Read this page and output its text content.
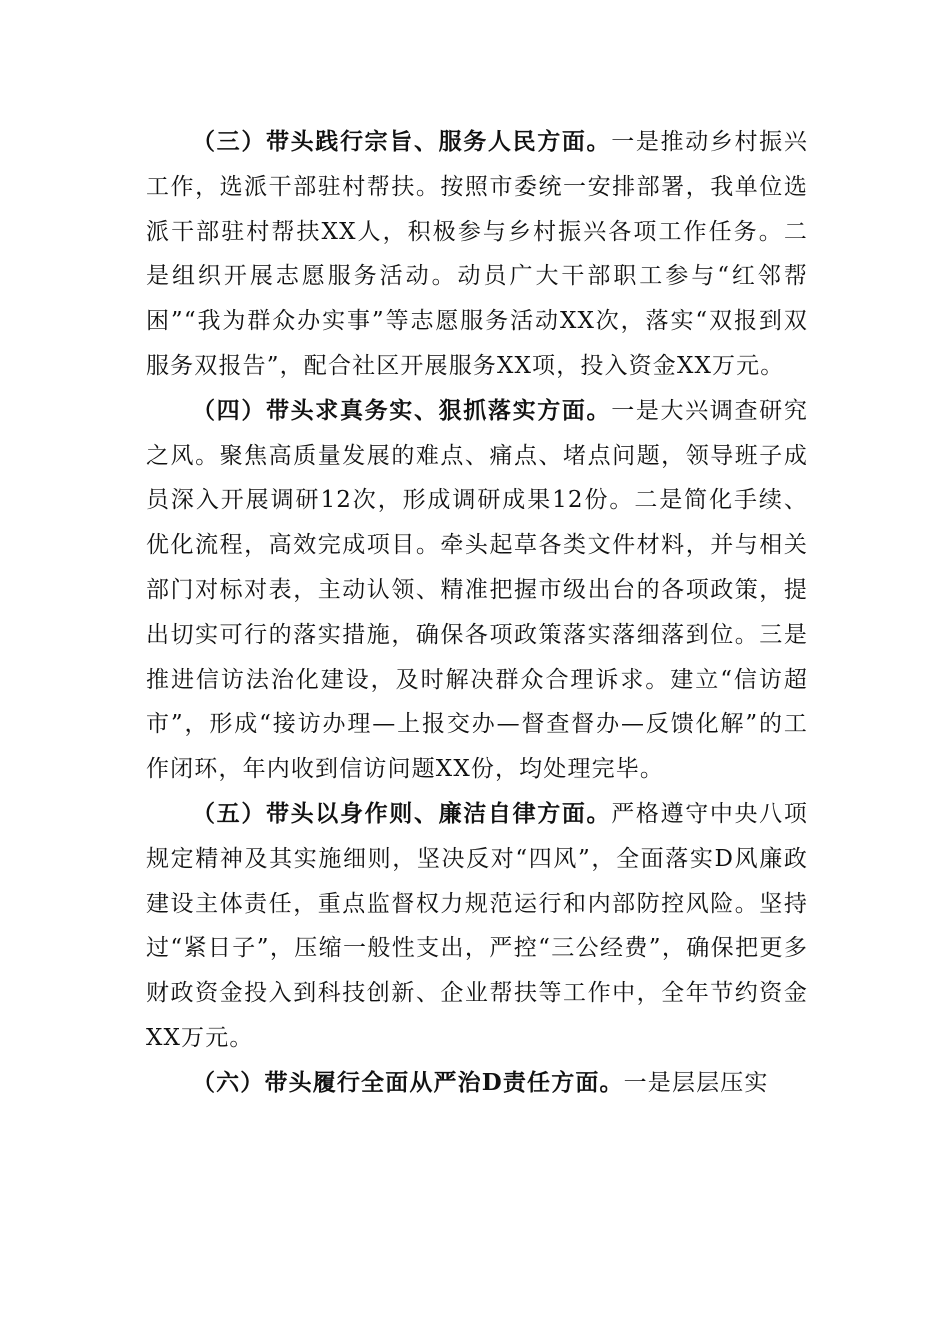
（三）带头践行宗旨、服务人民方面。一是推动乡村振兴工作，选派干部驻村帮扶。按照市委统一安排部署，我单位选派干部驻村帮扶XX人，积极参与乡村振兴各项工作任务。二是组织开展志愿服务活动。动员广大干部职工参与“红邻帮困”“我为群众办实事”等志愿服务活动XX次，落实“双报到双服务双报告”，配合社区开展服务XX项，投入资金XX万元。

（四）带头求真务实、狠抓落实方面。一是大兴调查研究之风。聚焦高质量发展的难点、痛点、堵点问题，领导班子成员深入开展调研12次，形成调研成果12份。二是简化手续、优化流程，高效完成项目。牵头起草各类文件材料，并与相关部门对标对表，主动认领、精准把握市级出台的各项政策，提出切实可行的落实措施，确保各项政策落实落细落到位。三是推进信访法治化建设，及时解决群众合理诉求。建立“信访超市”，形成“接访办理—上报交办—督查督办—反馈化解”的工作闭环，年内收到信访问题XX份，均处理完毕。

（五）带头以身作则、廉洁自律方面。严格遵守中央八项规定精神及其实施细则，坚决反对“四风”，全面落实D风廉政建设主体责任，重点监督权力规范运行和内部防控风险。坚持过“紧日子”，压缩一般性支出，严控“三公经费”，确保把更多财政资金投入到科技创新、企业帮扶等工作中，全年节约资金XX万元。

（六）带头履行全面从严治D责任方面。一是层层压实
